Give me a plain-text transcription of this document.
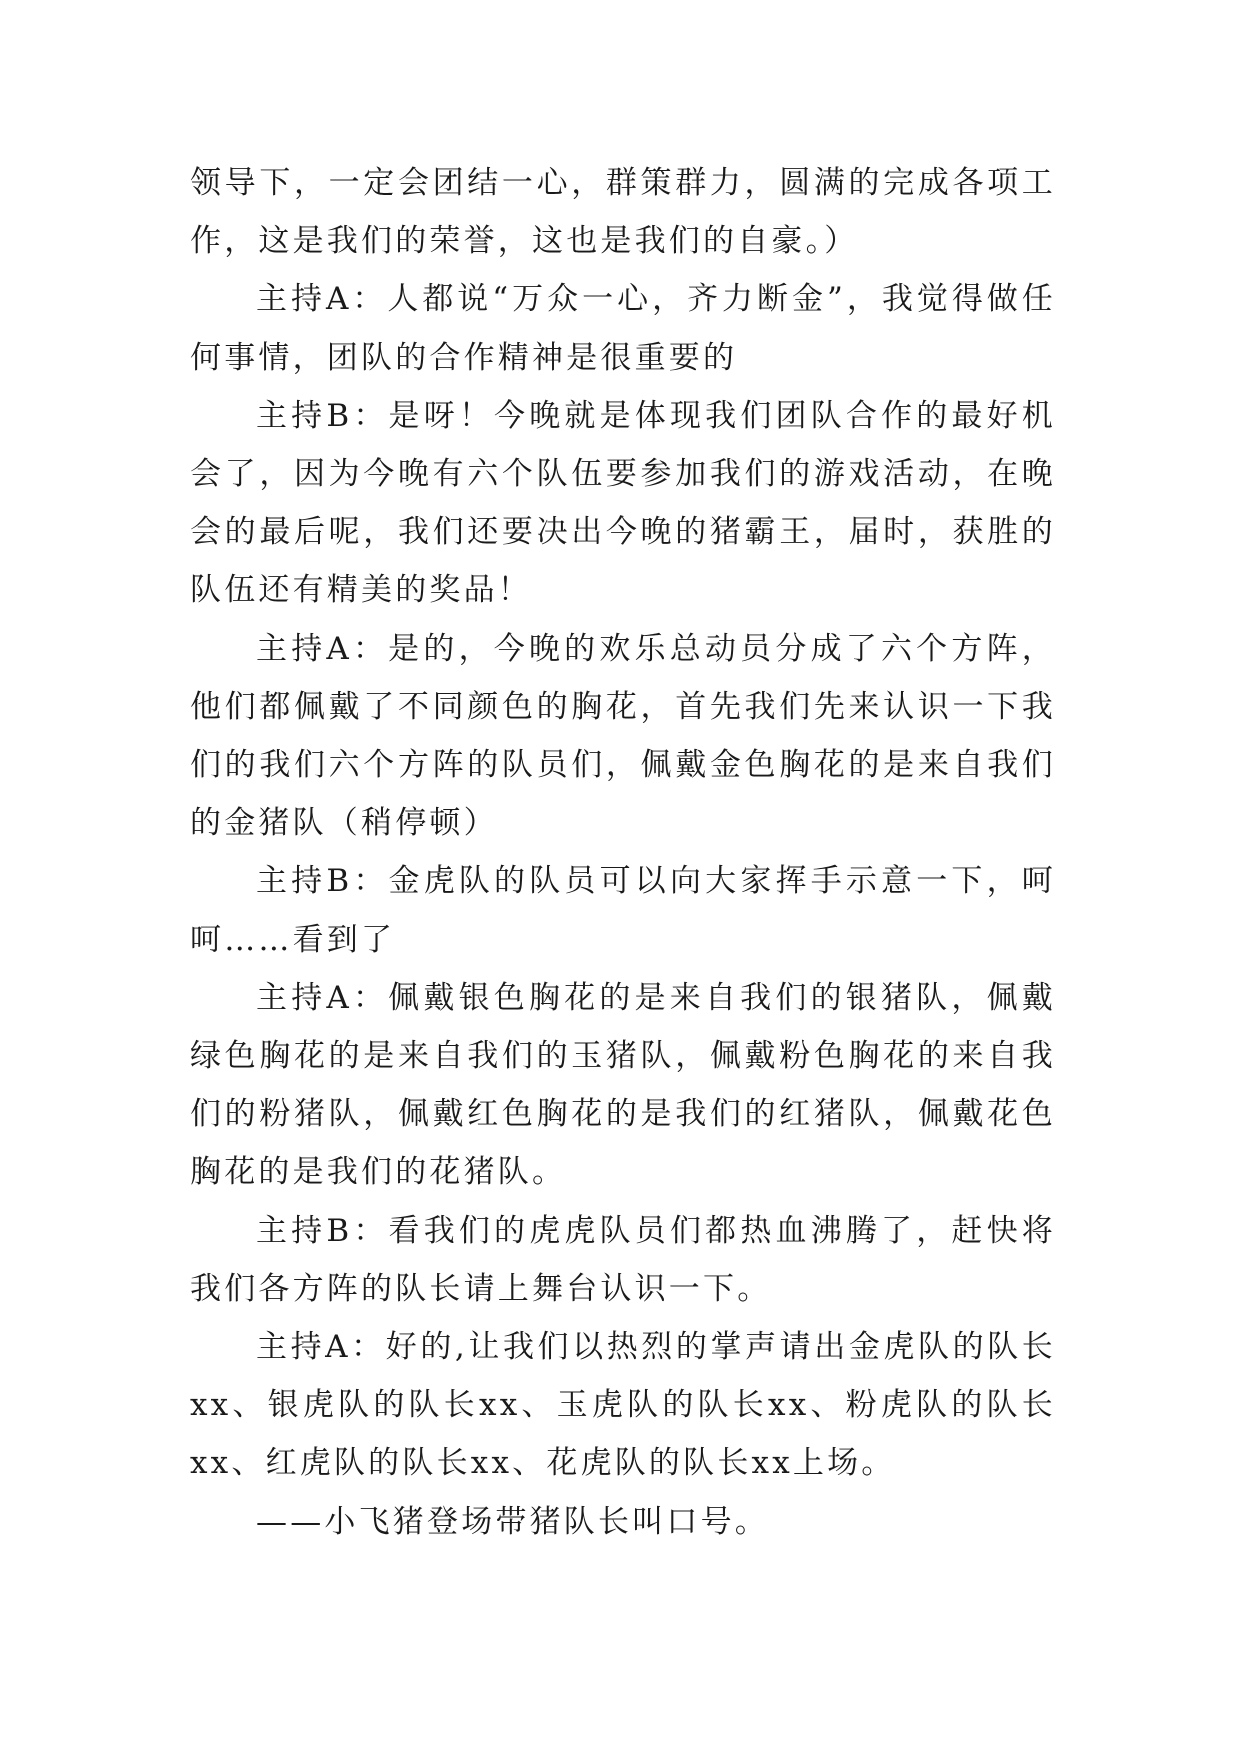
领导下，一定会团结一心，群策群力，圆满的完成各项工作，这是我们的荣誉，这也是我们的自豪。）

主持A：人都说“万众一心，齐力断金”，我觉得做任何事情，团队的合作精神是很重要的

主持B：是呀！今晚就是体现我们团队合作的最好机会了，因为今晚有六个队伍要参加我们的游戏活动，在晚会的最后呢，我们还要决出今晚的猪霸王，届时，获胜的队伍还有精美的奖品！

主持A：是的，今晚的欢乐总动员分成了六个方阵，他们都佩戴了不同颜色的胸花，首先我们先来认识一下我们的我们六个方阵的队员们，佩戴金色胸花的是来自我们的金猪队（稍停顿）

主持B：金虎队的队员可以向大家挥手示意一下，呵呵……看到了

主持A：佩戴银色胸花的是来自我们的银猪队，佩戴绿色胸花的是来自我们的玉猪队，佩戴粉色胸花的来自我们的粉猪队，佩戴红色胸花的是我们的红猪队，佩戴花色胸花的是我们的花猪队。

主持B：看我们的虎虎队员们都热血沸腾了，赶快将我们各方阵的队长请上舞台认识一下。

主持A：好的,让我们以热烈的掌声请出金虎队的队长xx、银虎队的队长xx、玉虎队的队长xx、粉虎队的队长xx、红虎队的队长xx、花虎队的队长xx上场。

——小飞猪登场带猪队长叫口号。
